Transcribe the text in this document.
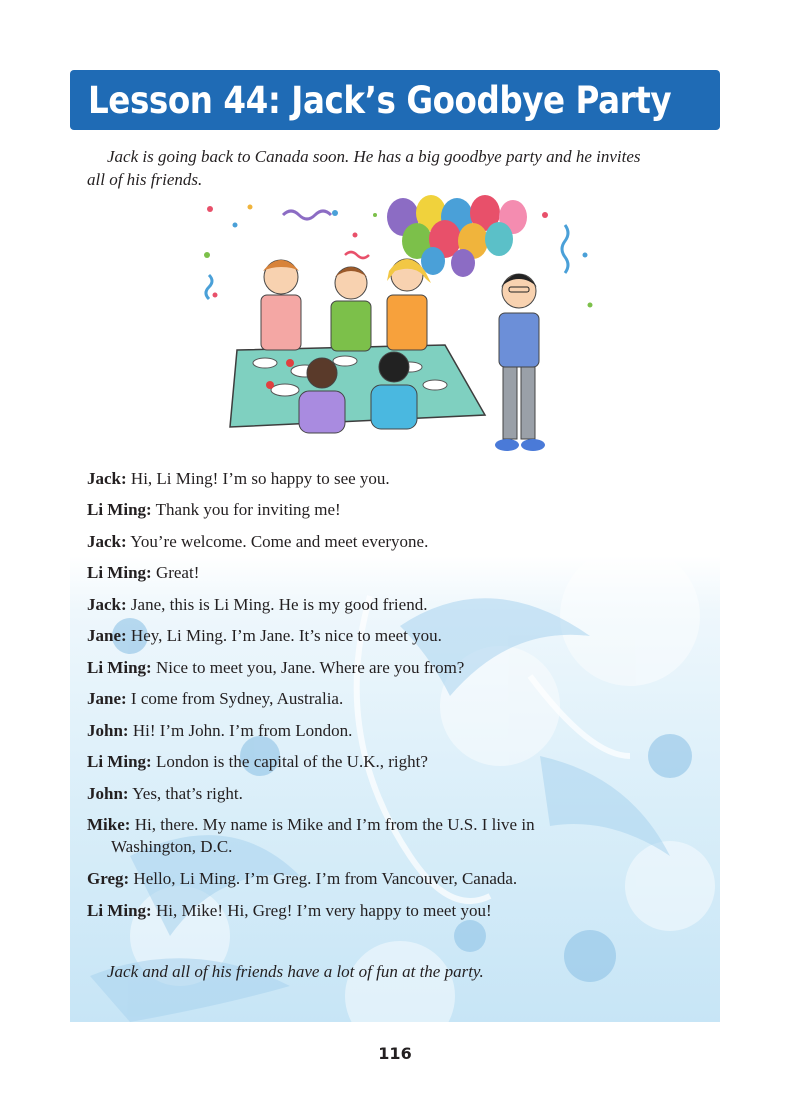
Lesson 44: Jack’s Goodbye Party
Jack is going back to Canada soon. He has a big goodbye party and he invites all of his friends.
Jack: Hi, Li Ming! I’m so happy to see you.
Li Ming: Thank you for inviting me!
Jack: You’re welcome. Come and meet everyone.
Li Ming: Great!
Jack: Jane, this is Li Ming. He is my good friend.
Jane: Hey, Li Ming. I’m Jane. It’s nice to meet you.
Li Ming: Nice to meet you, Jane. Where are you from?
Jane: I come from Sydney, Australia.
John: Hi! I’m John. I’m from London.
Li Ming: London is the capital of the U.K., right?
John: Yes, that’s right.
Mike: Hi, there. My name is Mike and I’m from the U.S. I live in
Washington, D.C.
Greg: Hello, Li Ming. I’m Greg. I’m from Vancouver, Canada.
Li Ming: Hi, Mike! Hi, Greg! I’m very happy to meet you!
Jack and all of his friends have a lot of fun at the party.
116
